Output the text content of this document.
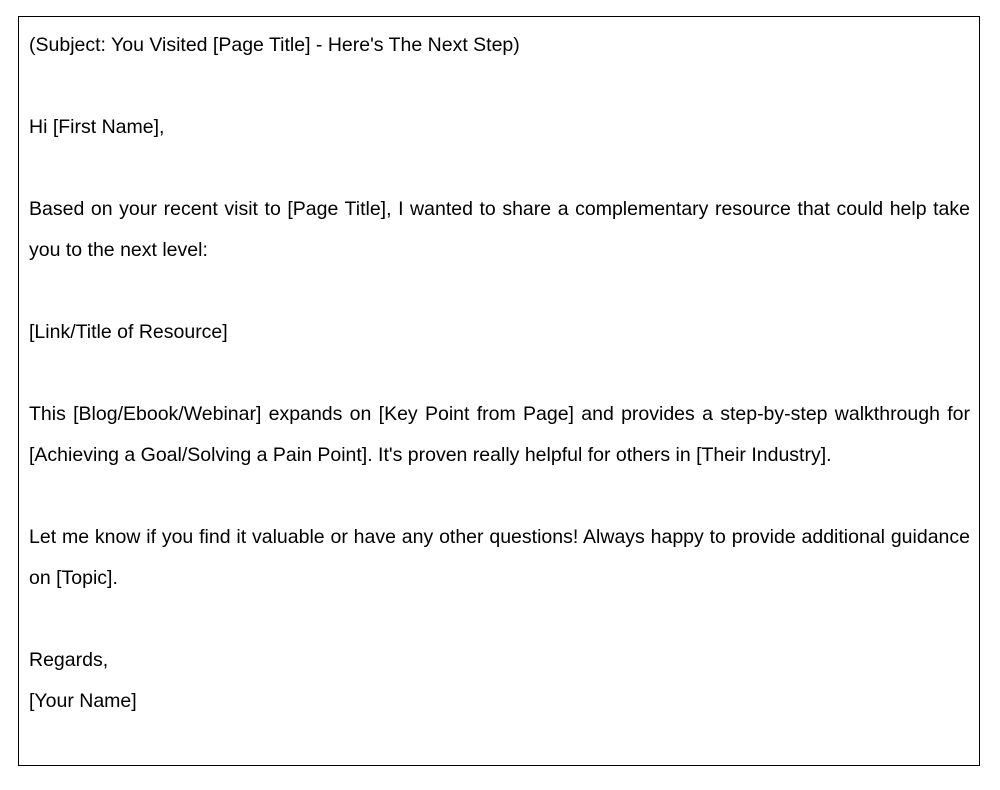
(Subject: You Visited [Page Title] - Here's The Next Step)

Hi [First Name],

Based on your recent visit to [Page Title], I wanted to share a complementary resource that could help take you to the next level:

[Link/Title of Resource]

This [Blog/Ebook/Webinar] expands on [Key Point from Page] and provides a step-by-step walkthrough for [Achieving a Goal/Solving a Pain Point]. It's proven really helpful for others in [Their Industry].

Let me know if you find it valuable or have any other questions! Always happy to provide additional guidance on [Topic].

Regards,

[Your Name]
